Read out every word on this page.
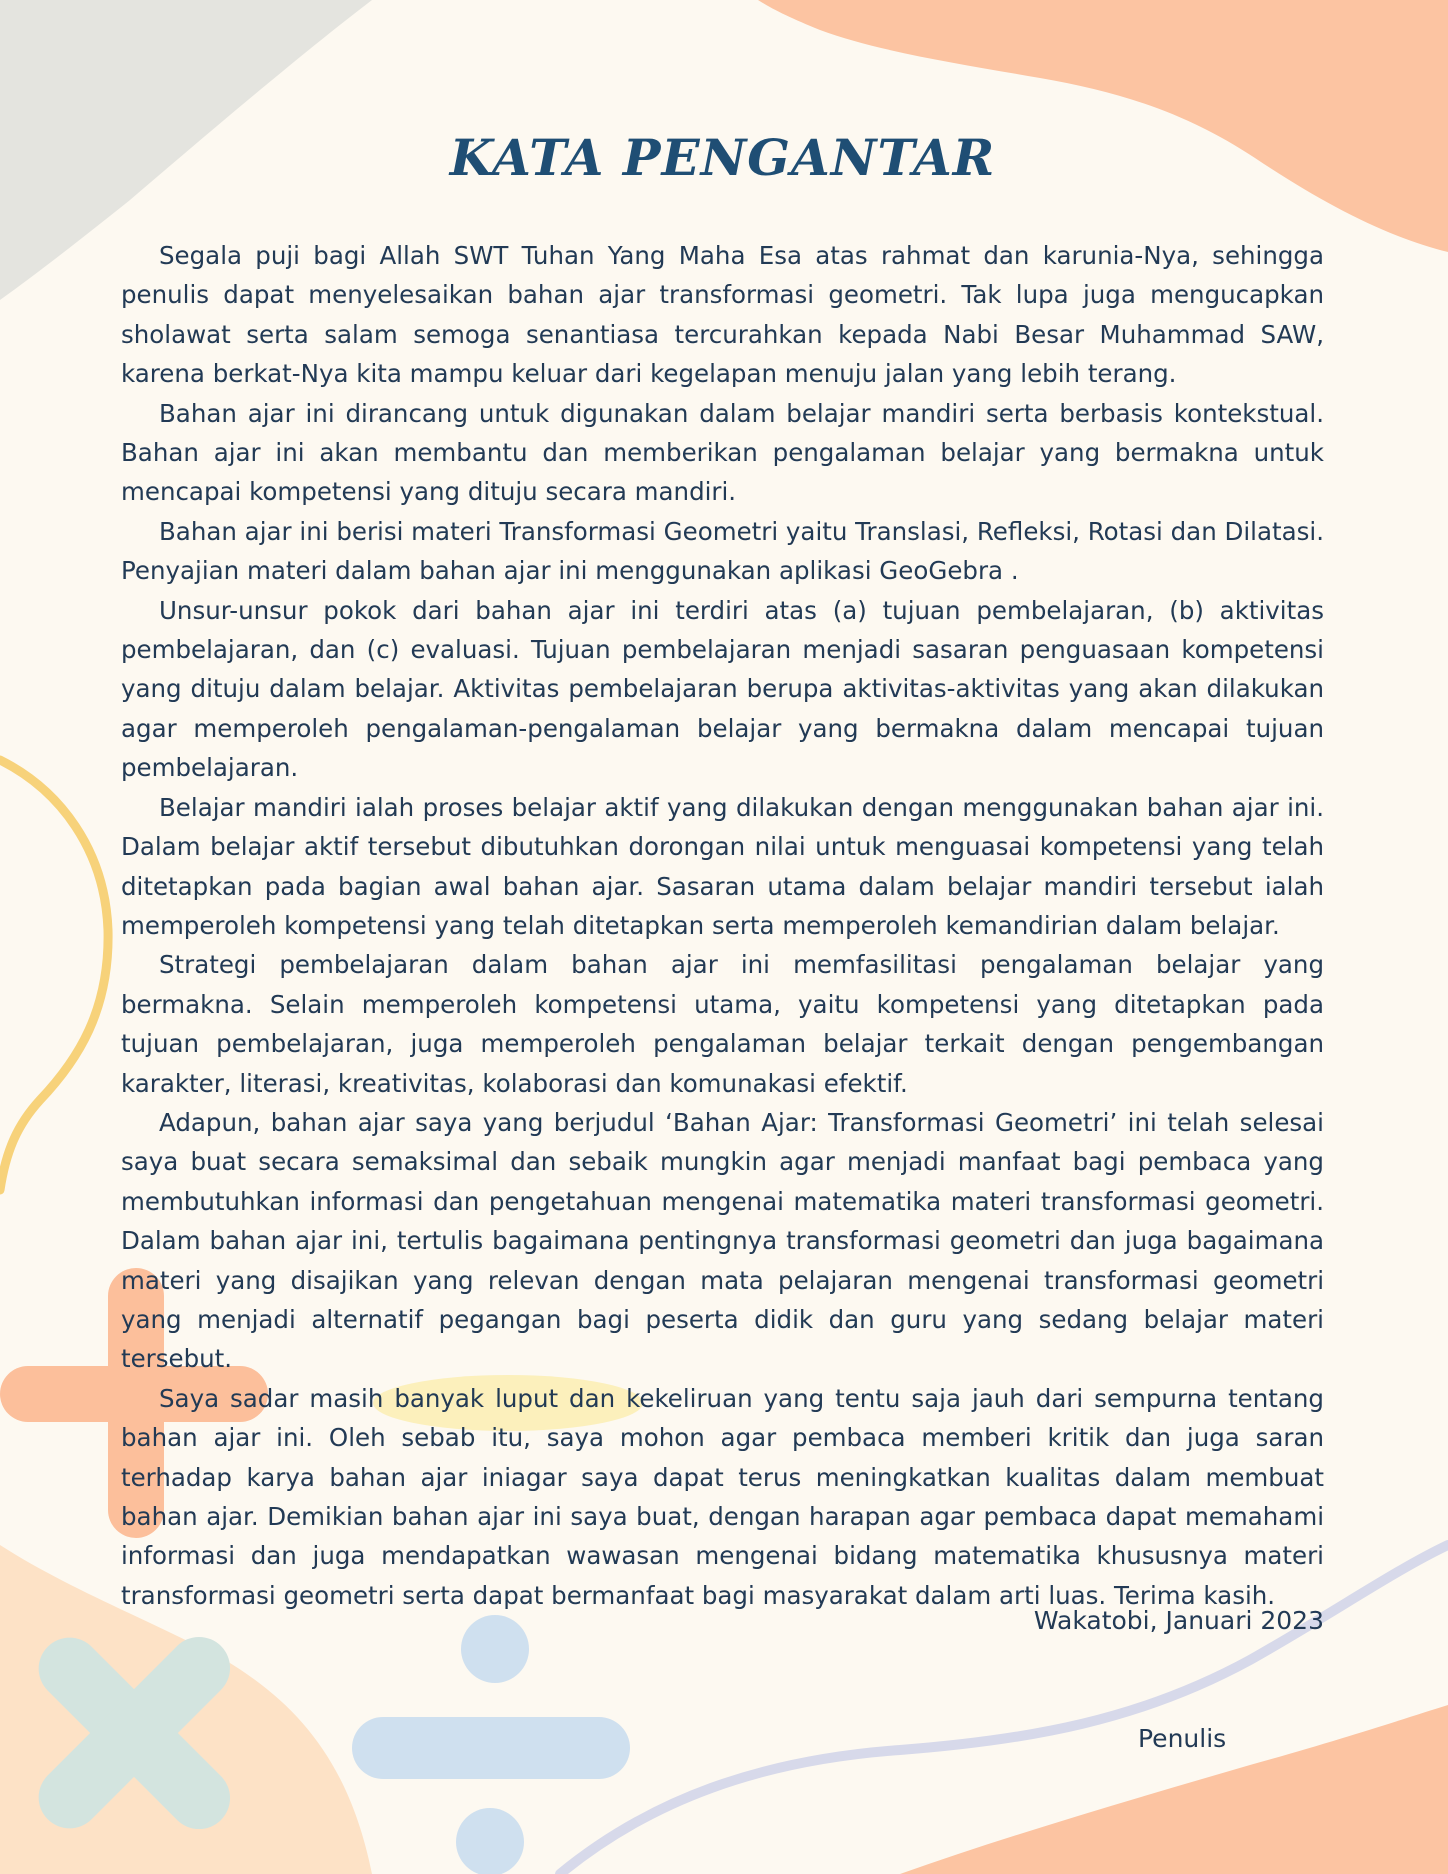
KATA PENGANTAR

Segala puji bagi Allah SWT Tuhan Yang Maha Esa atas rahmat dan karunia-Nya, sehingga penulis dapat menyelesaikan bahan ajar transformasi geometri. Tak lupa juga mengucapkan sholawat serta salam semoga senantiasa tercurahkan kepada Nabi Besar Muhammad SAW, karena berkat-Nya kita mampu keluar dari kegelapan menuju jalan yang lebih terang.

Bahan ajar ini dirancang untuk digunakan dalam belajar mandiri serta berbasis kontekstual. Bahan ajar ini akan membantu dan memberikan pengalaman belajar yang bermakna untuk mencapai kompetensi yang dituju secara mandiri.

Bahan ajar ini berisi materi Transformasi Geometri yaitu Translasi, Refleksi, Rotasi dan Dilatasi. Penyajian materi dalam bahan ajar ini menggunakan aplikasi GeoGebra .

Unsur-unsur pokok dari bahan ajar ini terdiri atas (a) tujuan pembelajaran, (b) aktivitas pembelajaran, dan (c) evaluasi. Tujuan pembelajaran menjadi sasaran penguasaan kompetensi yang dituju dalam belajar. Aktivitas pembelajaran berupa aktivitas-aktivitas yang akan dilakukan agar memperoleh pengalaman-pengalaman belajar yang bermakna dalam mencapai tujuan pembelajaran.

Belajar mandiri ialah proses belajar aktif yang dilakukan dengan menggunakan bahan ajar ini. Dalam belajar aktif tersebut dibutuhkan dorongan nilai untuk menguasai kompetensi yang telah ditetapkan pada bagian awal bahan ajar. Sasaran utama dalam belajar mandiri tersebut ialah memperoleh kompetensi yang telah ditetapkan serta memperoleh kemandirian dalam belajar.

Strategi pembelajaran dalam bahan ajar ini memfasilitasi pengalaman belajar yang bermakna. Selain memperoleh kompetensi utama, yaitu kompetensi yang ditetapkan pada tujuan pembelajaran, juga memperoleh pengalaman belajar terkait dengan pengembangan karakter, literasi, kreativitas, kolaborasi dan komunakasi efektif.

Adapun, bahan ajar saya yang berjudul ‘Bahan Ajar: Transformasi Geometri’ ini telah selesai saya buat secara semaksimal dan sebaik mungkin agar menjadi manfaat bagi pembaca yang membutuhkan informasi dan pengetahuan mengenai matematika materi transformasi geometri. Dalam bahan ajar ini, tertulis bagaimana pentingnya transformasi geometri dan juga bagaimana materi yang disajikan yang relevan dengan mata pelajaran mengenai transformasi geometri yang menjadi alternatif pegangan bagi peserta didik dan guru yang sedang belajar materi tersebut.

Saya sadar masih banyak luput dan kekeliruan yang tentu saja jauh dari sempurna tentang bahan ajar ini. Oleh sebab itu, saya mohon agar pembaca memberi kritik dan juga saran terhadap karya bahan ajar iniagar saya dapat terus meningkatkan kualitas dalam membuat bahan ajar. Demikian bahan ajar ini saya buat, dengan harapan agar pembaca dapat memahami informasi dan juga mendapatkan wawasan mengenai bidang matematika khususnya materi transformasi geometri serta dapat bermanfaat bagi masyarakat dalam arti luas. Terima kasih.

Wakatobi, Januari 2023
Penulis
